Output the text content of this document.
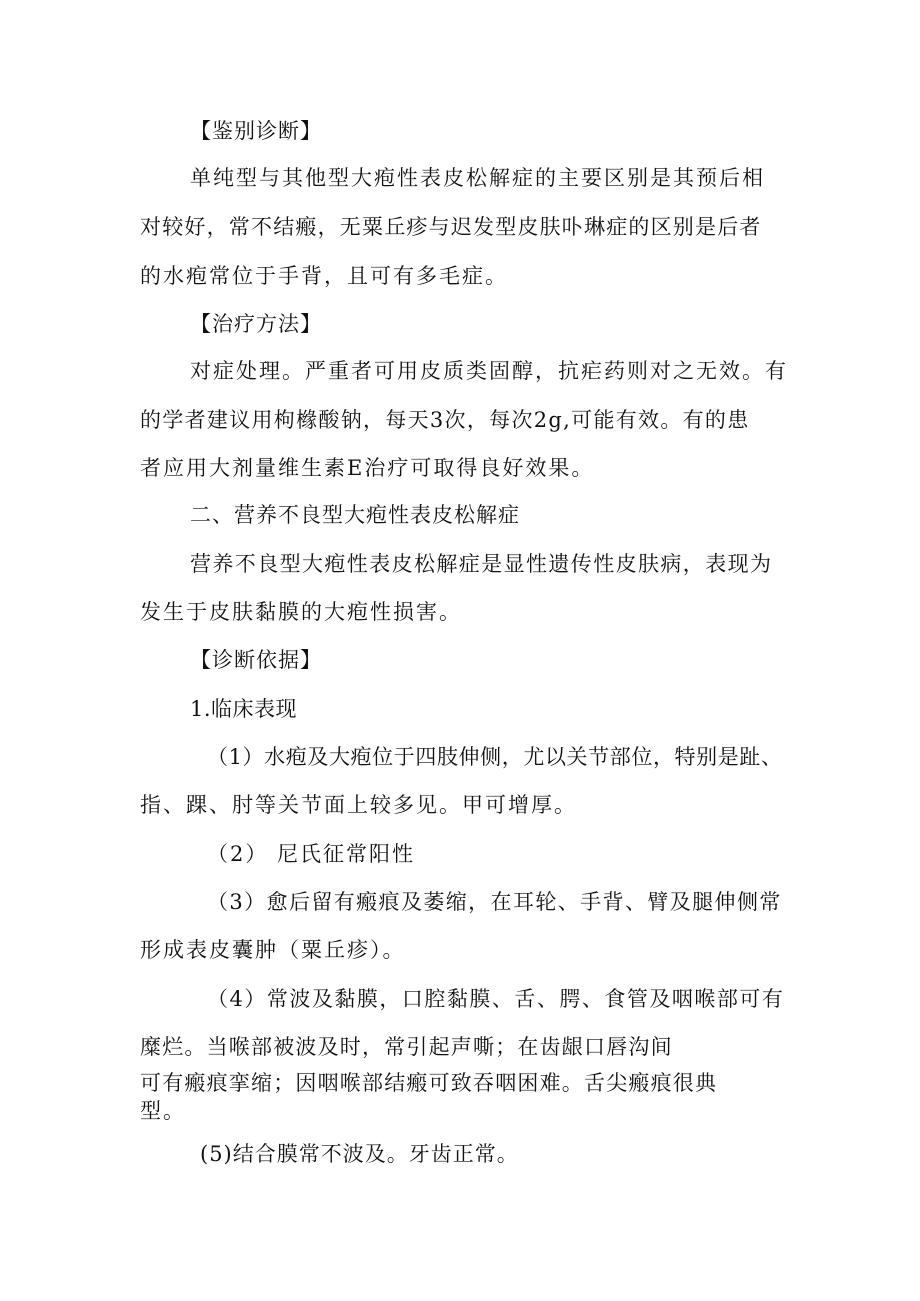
【鉴别诊断】
单纯型与其他型大疱性表皮松解症的主要区别是其预后相
对较好，常不结瘢，无粟丘疹与迟发型皮肤卟琳症的区别是后者
的水疱常位于手背，且可有多毛症。
【治疗方法】
对症处理。严重者可用皮质类固醇，抗疟药则对之无效。有
的学者建议用枸橼酸钠，每天3次，每次2g,可能有效。有的患
者应用大剂量维生素E治疗可取得良好效果。
二、营养不良型大疱性表皮松解症
营养不良型大疱性表皮松解症是显性遗传性皮肤病，表现为
发生于皮肤黏膜的大疱性损害。
【诊断依据】
1.临床表现
（1）水疱及大疱位于四肢伸侧，尤以关节部位，特别是趾、
指、踝、肘等关节面上较多见。甲可增厚。
（2） 尼氏征常阳性
（3）愈后留有瘢痕及萎缩，在耳轮、手背、臂及腿伸侧常
形成表皮囊肿（粟丘疹）。
（4）常波及黏膜，口腔黏膜、舌、腭、食管及咽喉部可有
糜烂。当喉部被波及时，常引起声嘶；在齿龈口唇沟间
可有瘢痕挛缩；因咽喉部结瘢可致吞咽困难。舌尖瘢痕很典
型。
(5)结合膜常不波及。牙齿正常。
